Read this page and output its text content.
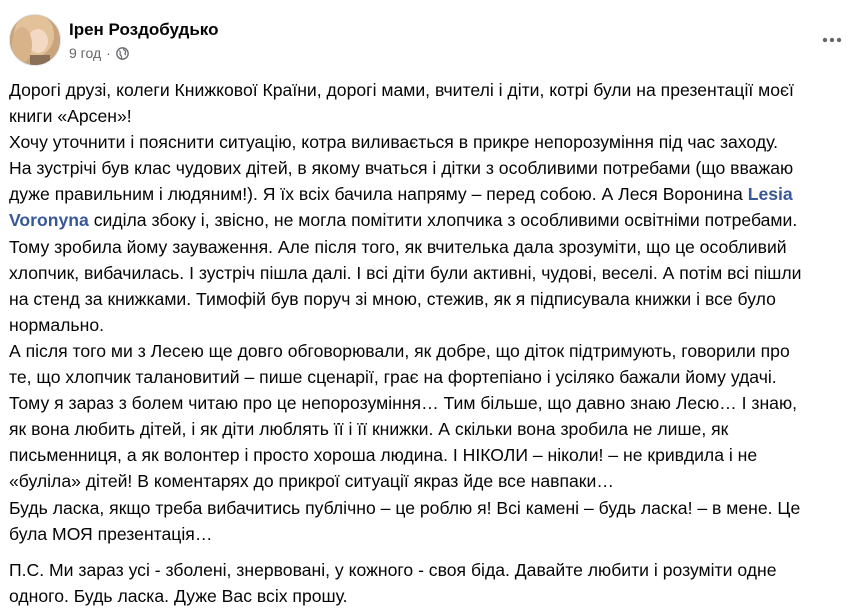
Ірен Роздобудько
9 год ·

Дорогі друзі, колеги Книжкової Країни, дорогі мами, вчителі і діти, котрі були на презентації моєї

книги «Арсен»!

Хочу уточнити і пояснити ситуацію, котра виливається в прикре непорозуміння під час заходу.

На зустрічі був клас чудових дітей, в якому вчаться і дітки з особливими потребами (що вважаю

дуже правильним і людяним!). Я їх всіх бачила напряму – перед собою. А Леся Воронина Lesia

Voronyna сиділа збоку і, звісно, не могла помітити хлопчика з особливими освітніми потребами.

Тому зробила йому зауваження. Але після того, як вчителька дала зрозуміти, що це особливий

хлопчик, вибачилась. І зустріч пішла далі. І всі діти були активні, чудові, веселі. А потім всі пішли

на стенд за книжками. Тимофій був поруч зі мною, стежив, як я підписувала книжки і все було

нормально.

А після того ми з Лесею ще довго обговорювали, як добре, що діток підтримують, говорили про

те, що хлопчик талановитий – пише сценарії, грає на фортепіано і усіляко бажали йому удачі.

Тому я зараз з болем читаю про це непорозуміння… Тим більше, що давно знаю Лесю… І знаю,

як вона любить дітей, і як діти люблять її і її книжки. А скільки вона зробила не лише, як

письменниця, а як волонтер і просто хороша людина. І НІКОЛИ – ніколи! – не кривдила і не

«буліла» дітей! В коментарях до прикрої ситуації якраз йде все навпаки…

Будь ласка, якщо треба вибачитись публічно – це роблю я! Всі камені – будь ласка! – в мене. Це

була МОЯ презентація…

П.С. Ми зараз усі - зболені, знервовані, у кожного - своя біда. Давайте любити і розуміти одне

одного. Будь ласка. Дуже Вас всіх прошу.
